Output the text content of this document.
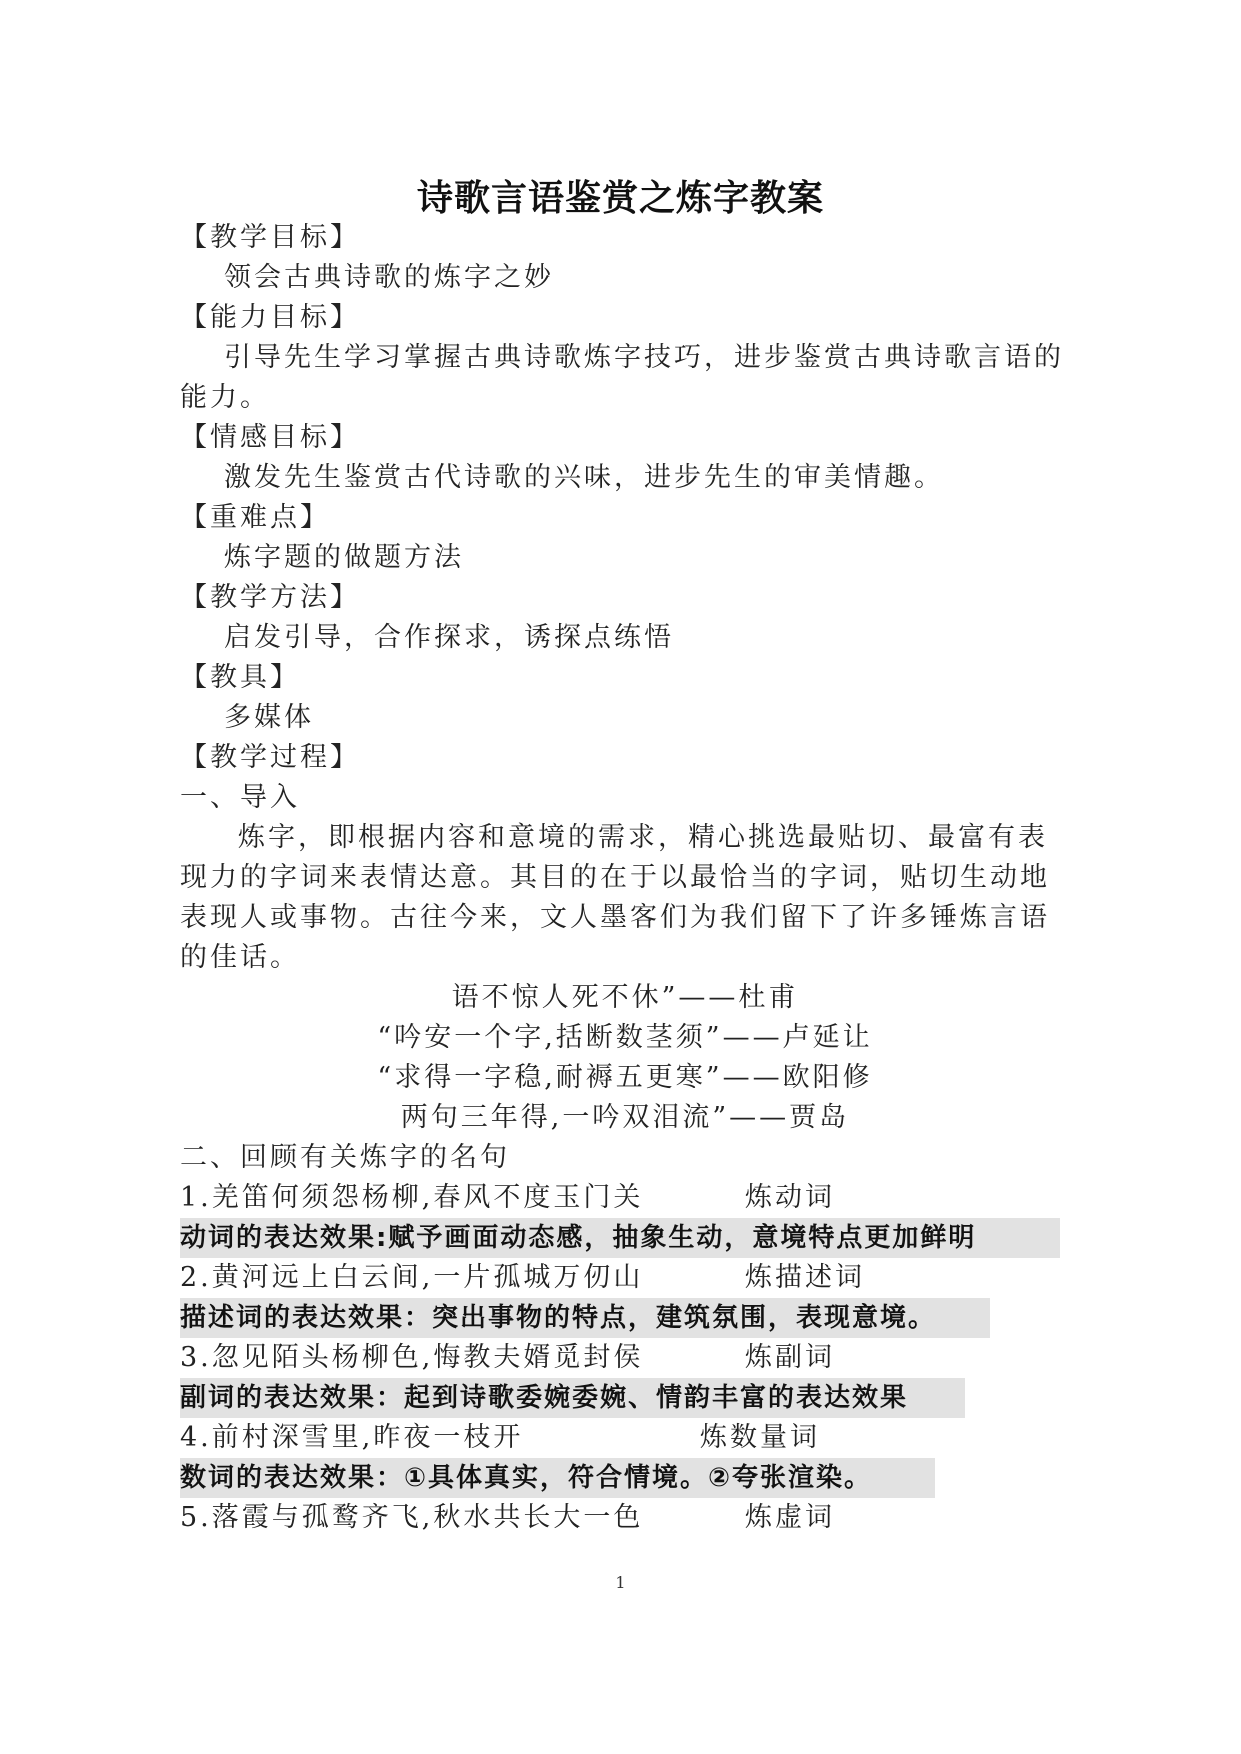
诗歌言语鉴赏之炼字教案
【教学目标】
领会古典诗歌的炼字之妙
【能力目标】
引导先生学习掌握古典诗歌炼字技巧，进步鉴赏古典诗歌言语的
能力。
【情感目标】
激发先生鉴赏古代诗歌的兴味，进步先生的审美情趣。
【重难点】
炼字题的做题方法
【教学方法】
启发引导，合作探求，诱探点练悟
【教具】
多媒体
【教学过程】
一、导入
炼字，即根据内容和意境的需求，精心挑选最贴切、最富有表
现力的字词来表情达意。其目的在于以最恰当的字词，贴切生动地
表现人或事物。古往今来，文人墨客们为我们留下了许多锤炼言语
的佳话。
语不惊人死不休”——杜甫
“吟安一个字,括断数茎须”——卢延让
“求得一字稳,耐褥五更寒”——欧阳修
两句三年得,一吟双泪流”——贾岛
二、回顾有关炼字的名句
1.羌笛何须怨杨柳,春风不度玉门关	炼动词
动词的表达效果:赋予画面动态感，抽象生动，意境特点更加鲜明
2.黄河远上白云间,一片孤城万仞山	炼描述词
描述词的表达效果：突出事物的特点，建筑氛围，表现意境。
3.忽见陌头杨柳色,悔教夫婿觅封侯	炼副词
副词的表达效果：起到诗歌委婉委婉、情韵丰富的表达效果
4.前村深雪里,昨夜一枝开	炼数量词
数词的表达效果：①具体真实，符合情境。②夸张渲染。
5.落霞与孤鹜齐飞,秋水共长大一色	炼虚词
1
